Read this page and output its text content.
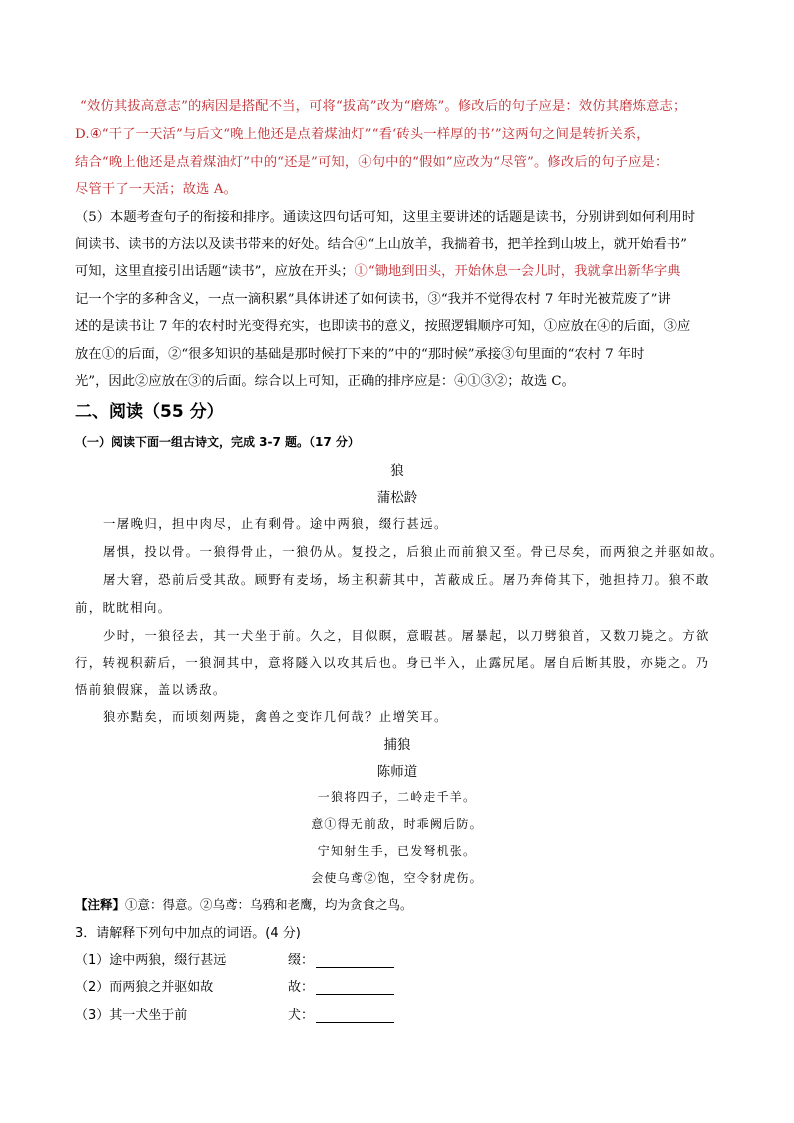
“效仿其拔高意志”的病因是搭配不当，可将“拔高”改为“磨炼”。修改后的句子应是：效仿其磨炼意志；
D.④“干了一天活”与后文“晚上他还是点着煤油灯”“看‘砖头一样厚的书’”这两句之间是转折关系，
结合“晚上他还是点着煤油灯”中的“还是”可知，④句中的“假如”应改为“尽管”。修改后的句子应是：
尽管干了一天活；故选 A。
（5）本题考查句子的衔接和排序。通读这四句话可知，这里主要讲述的话题是读书，分别讲到如何利用时
间读书、读书的方法以及读书带来的好处。结合④“上山放羊，我揣着书，把羊拴到山坡上，就开始看书”
可知，这里直接引出话题“读书”，应放在开头；①“锄地到田头，开始休息一会儿时，我就拿出新华字典
记一个字的多种含义，一点一滴积累”具体讲述了如何读书，③“我并不觉得农村 7 年时光被荒废了”讲
述的是读书让 7 年的农村时光变得充实，也即读书的意义，按照逻辑顺序可知，①应放在④的后面，③应
放在①的后面，②“很多知识的基础是那时候打下来的”中的“那时候”承接③句里面的“农村 7 年时
光”，因此②应放在③的后面。综合以上可知，正确的排序应是：④①③②；故选 C。
二、阅读（55 分）
（一）阅读下面一组古诗文，完成 3-7 题。（17 分）
狼
蒲松龄
一屠晚归，担中肉尽，止有剩骨。途中两狼，缀行甚远。
屠惧，投以骨。一狼得骨止，一狼仍从。复投之，后狼止而前狼又至。骨已尽矣，而两狼之并驱如故。
屠大窘，恐前后受其敌。顾野有麦场，场主积薪其中，苫蔽成丘。屠乃奔倚其下，弛担持刀。狼不敢
前，眈眈相向。
少时，一狼径去，其一犬坐于前。久之，目似瞑，意暇甚。屠暴起，以刀劈狼首，又数刀毙之。方欲
行，转视积薪后，一狼洞其中，意将隧入以攻其后也。身已半入，止露尻尾。屠自后断其股，亦毙之。乃
悟前狼假寐，盖以诱敌。
狼亦黠矣，而顷刻两毙，禽兽之变诈几何哉？止增笑耳。
捕狼
陈师道
一狼将四子，二岭走千羊。
意①得无前敌，时乖阙后防。
宁知射生手，已发弩机张。
会使乌鸢②饱，空令豺虎伤。
【注释】①意：得意。②乌鸢：乌鸦和老鹰，均为贪食之鸟。
3．请解释下列句中加点的词语。(4 分)
（1）途中两狼，缀行甚远	缀：
（2）而两狼之并驱如故	故：
（3）其一犬坐于前	犬：
